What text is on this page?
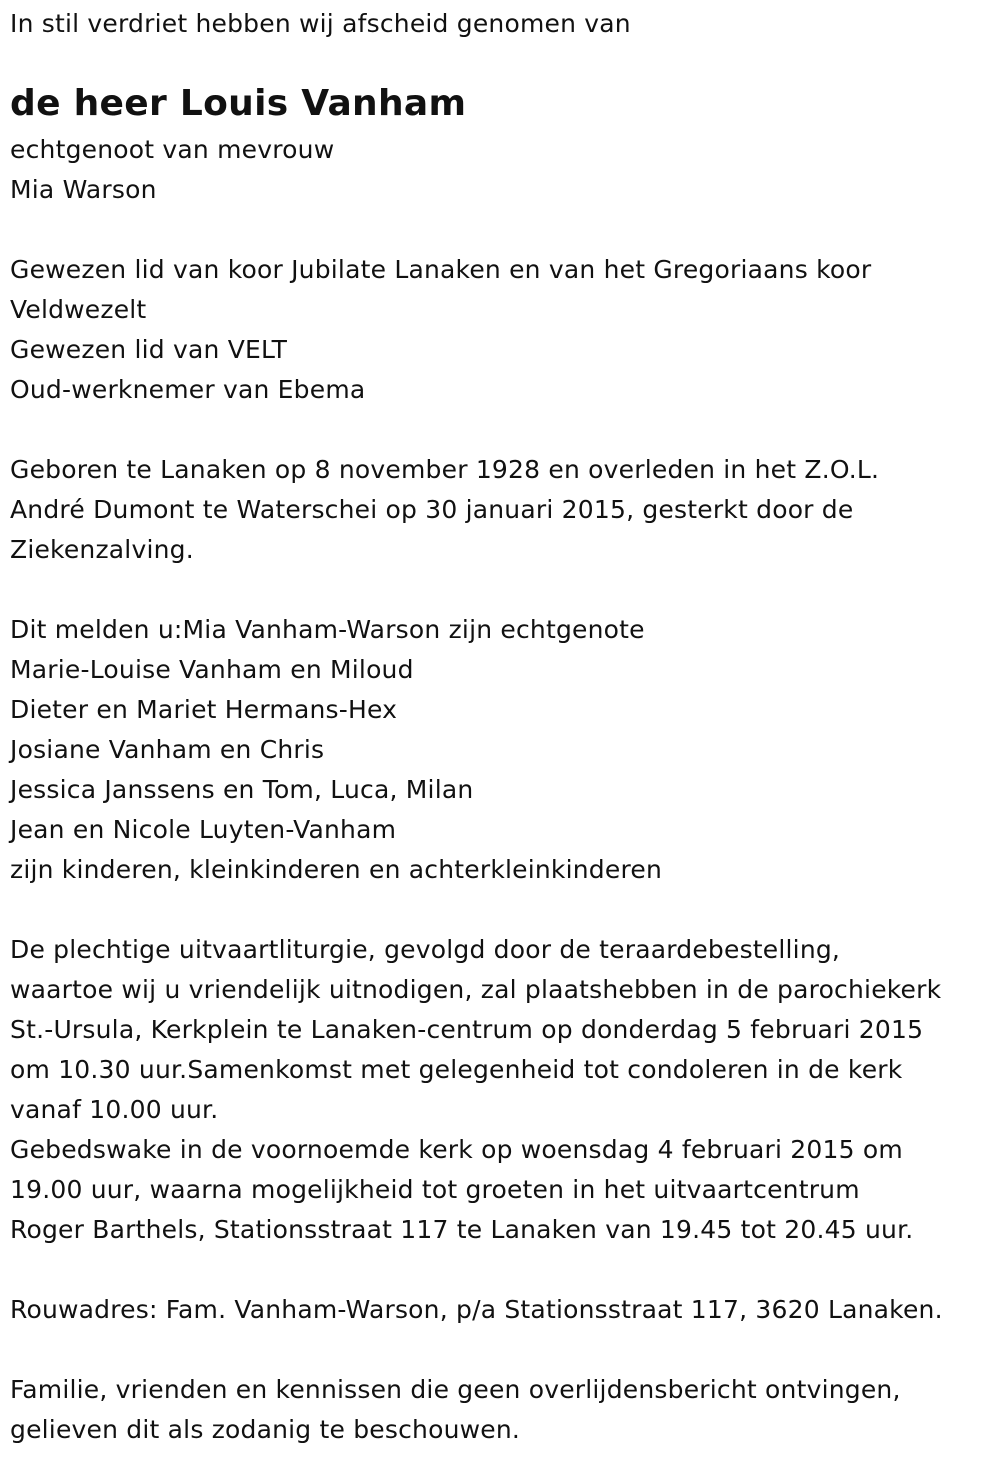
In stil verdriet hebben wij afscheid genomen van
de heer Louis Vanham
echtgenoot van mevrouw
Mia Warson
Gewezen lid van koor Jubilate Lanaken en van het Gregoriaans koor
Veldwezelt
Gewezen lid van VELT
Oud-werknemer van Ebema
Geboren te Lanaken op 8 november 1928 en overleden in het Z.O.L.
André Dumont te Waterschei op 30 januari 2015, gesterkt door de
Ziekenzalving.
Dit melden u:Mia Vanham-Warson zijn echtgenote
Marie-Louise Vanham en Miloud
Dieter en Mariet Hermans-Hex
Josiane Vanham en Chris
Jessica Janssens en Tom, Luca, Milan
Jean en Nicole Luyten-Vanham
zijn kinderen, kleinkinderen en achterkleinkinderen
De plechtige uitvaartliturgie, gevolgd door de teraardebestelling,
waartoe wij u vriendelijk uitnodigen, zal plaatshebben in de parochiekerk
St.-Ursula, Kerkplein te Lanaken-centrum op donderdag 5 februari 2015
om 10.30 uur.Samenkomst met gelegenheid tot condoleren in de kerk
vanaf 10.00 uur.
Gebedswake in de voornoemde kerk op woensdag 4 februari 2015 om
19.00 uur, waarna mogelijkheid tot groeten in het uitvaartcentrum
Roger Barthels, Stationsstraat 117 te Lanaken van 19.45 tot 20.45 uur.
Rouwadres: Fam. Vanham-Warson, p/a Stationsstraat 117, 3620 Lanaken.
Familie, vrienden en kennissen die geen overlijdensbericht ontvingen,
gelieven dit als zodanig te beschouwen.
